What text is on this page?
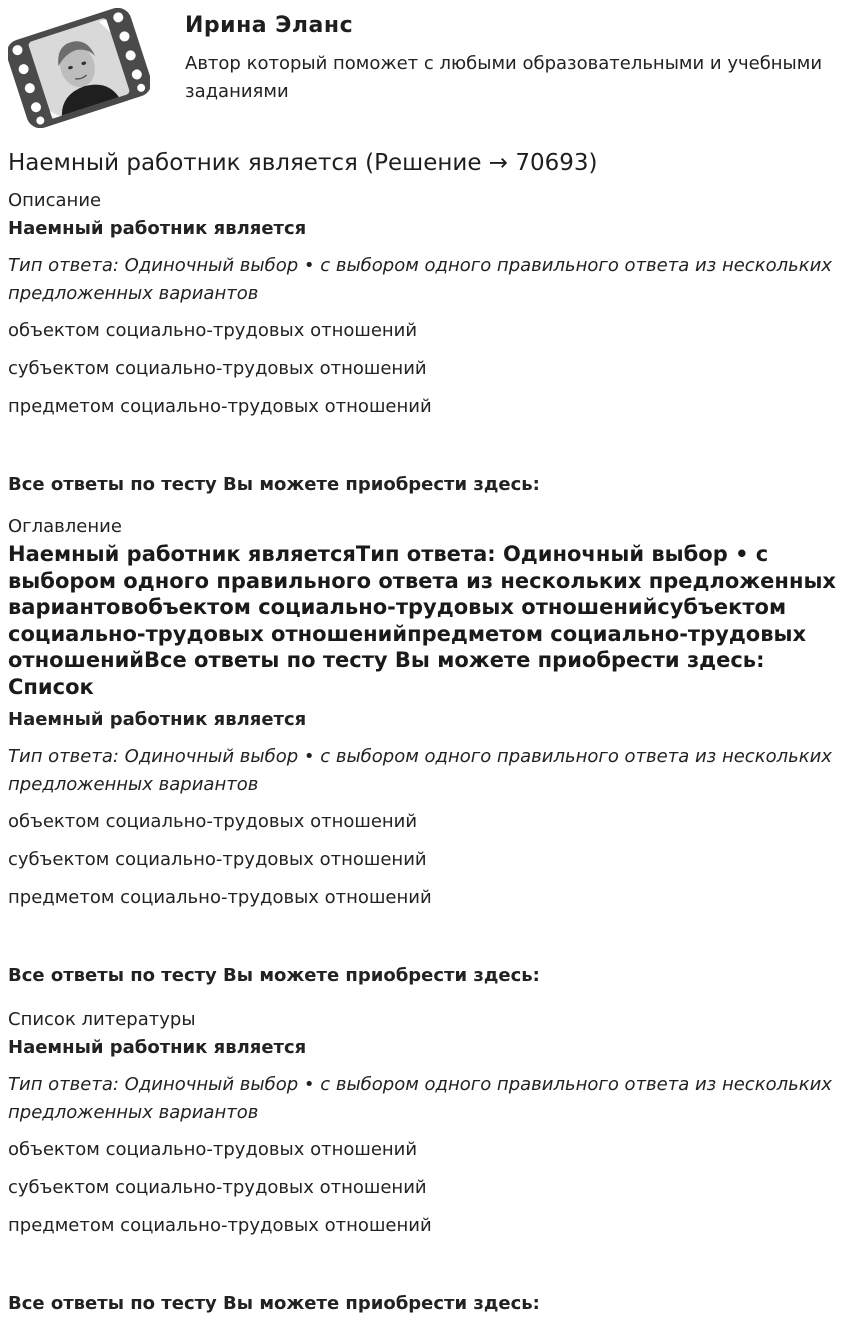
Ирина Эланс
Автор который поможет с любыми образовательными и учебными заданиями
Наемный работник является (Решение → 70693)

Описание

Наемный работник является

Тип ответа: Одиночный выбор • с выбором одного правильного ответа из нескольких предложенных вариантов

объектом социально-трудовых отношений

субъектом социально-трудовых отношений

предметом социально-трудовых отношений

Все ответы по тесту Вы можете приобрести здесь:

Оглавление

Наемный работник являетсяТип ответа: Одиночный выбор • с выбором одного правильного ответа из нескольких предложенных вариантовобъектом социально-трудовых отношенийсубъектом социально-трудовых отношенийпредметом социально-трудовых отношенийВсе ответы по тесту Вы можете приобрести здесь: Список

Наемный работник является

Тип ответа: Одиночный выбор • с выбором одного правильного ответа из нескольких предложенных вариантов

объектом социально-трудовых отношений

субъектом социально-трудовых отношений

предметом социально-трудовых отношений

Все ответы по тесту Вы можете приобрести здесь:

Список литературы

Наемный работник является

Тип ответа: Одиночный выбор • с выбором одного правильного ответа из нескольких предложенных вариантов

объектом социально-трудовых отношений

субъектом социально-трудовых отношений

предметом социально-трудовых отношений

Все ответы по тесту Вы можете приобрести здесь:
